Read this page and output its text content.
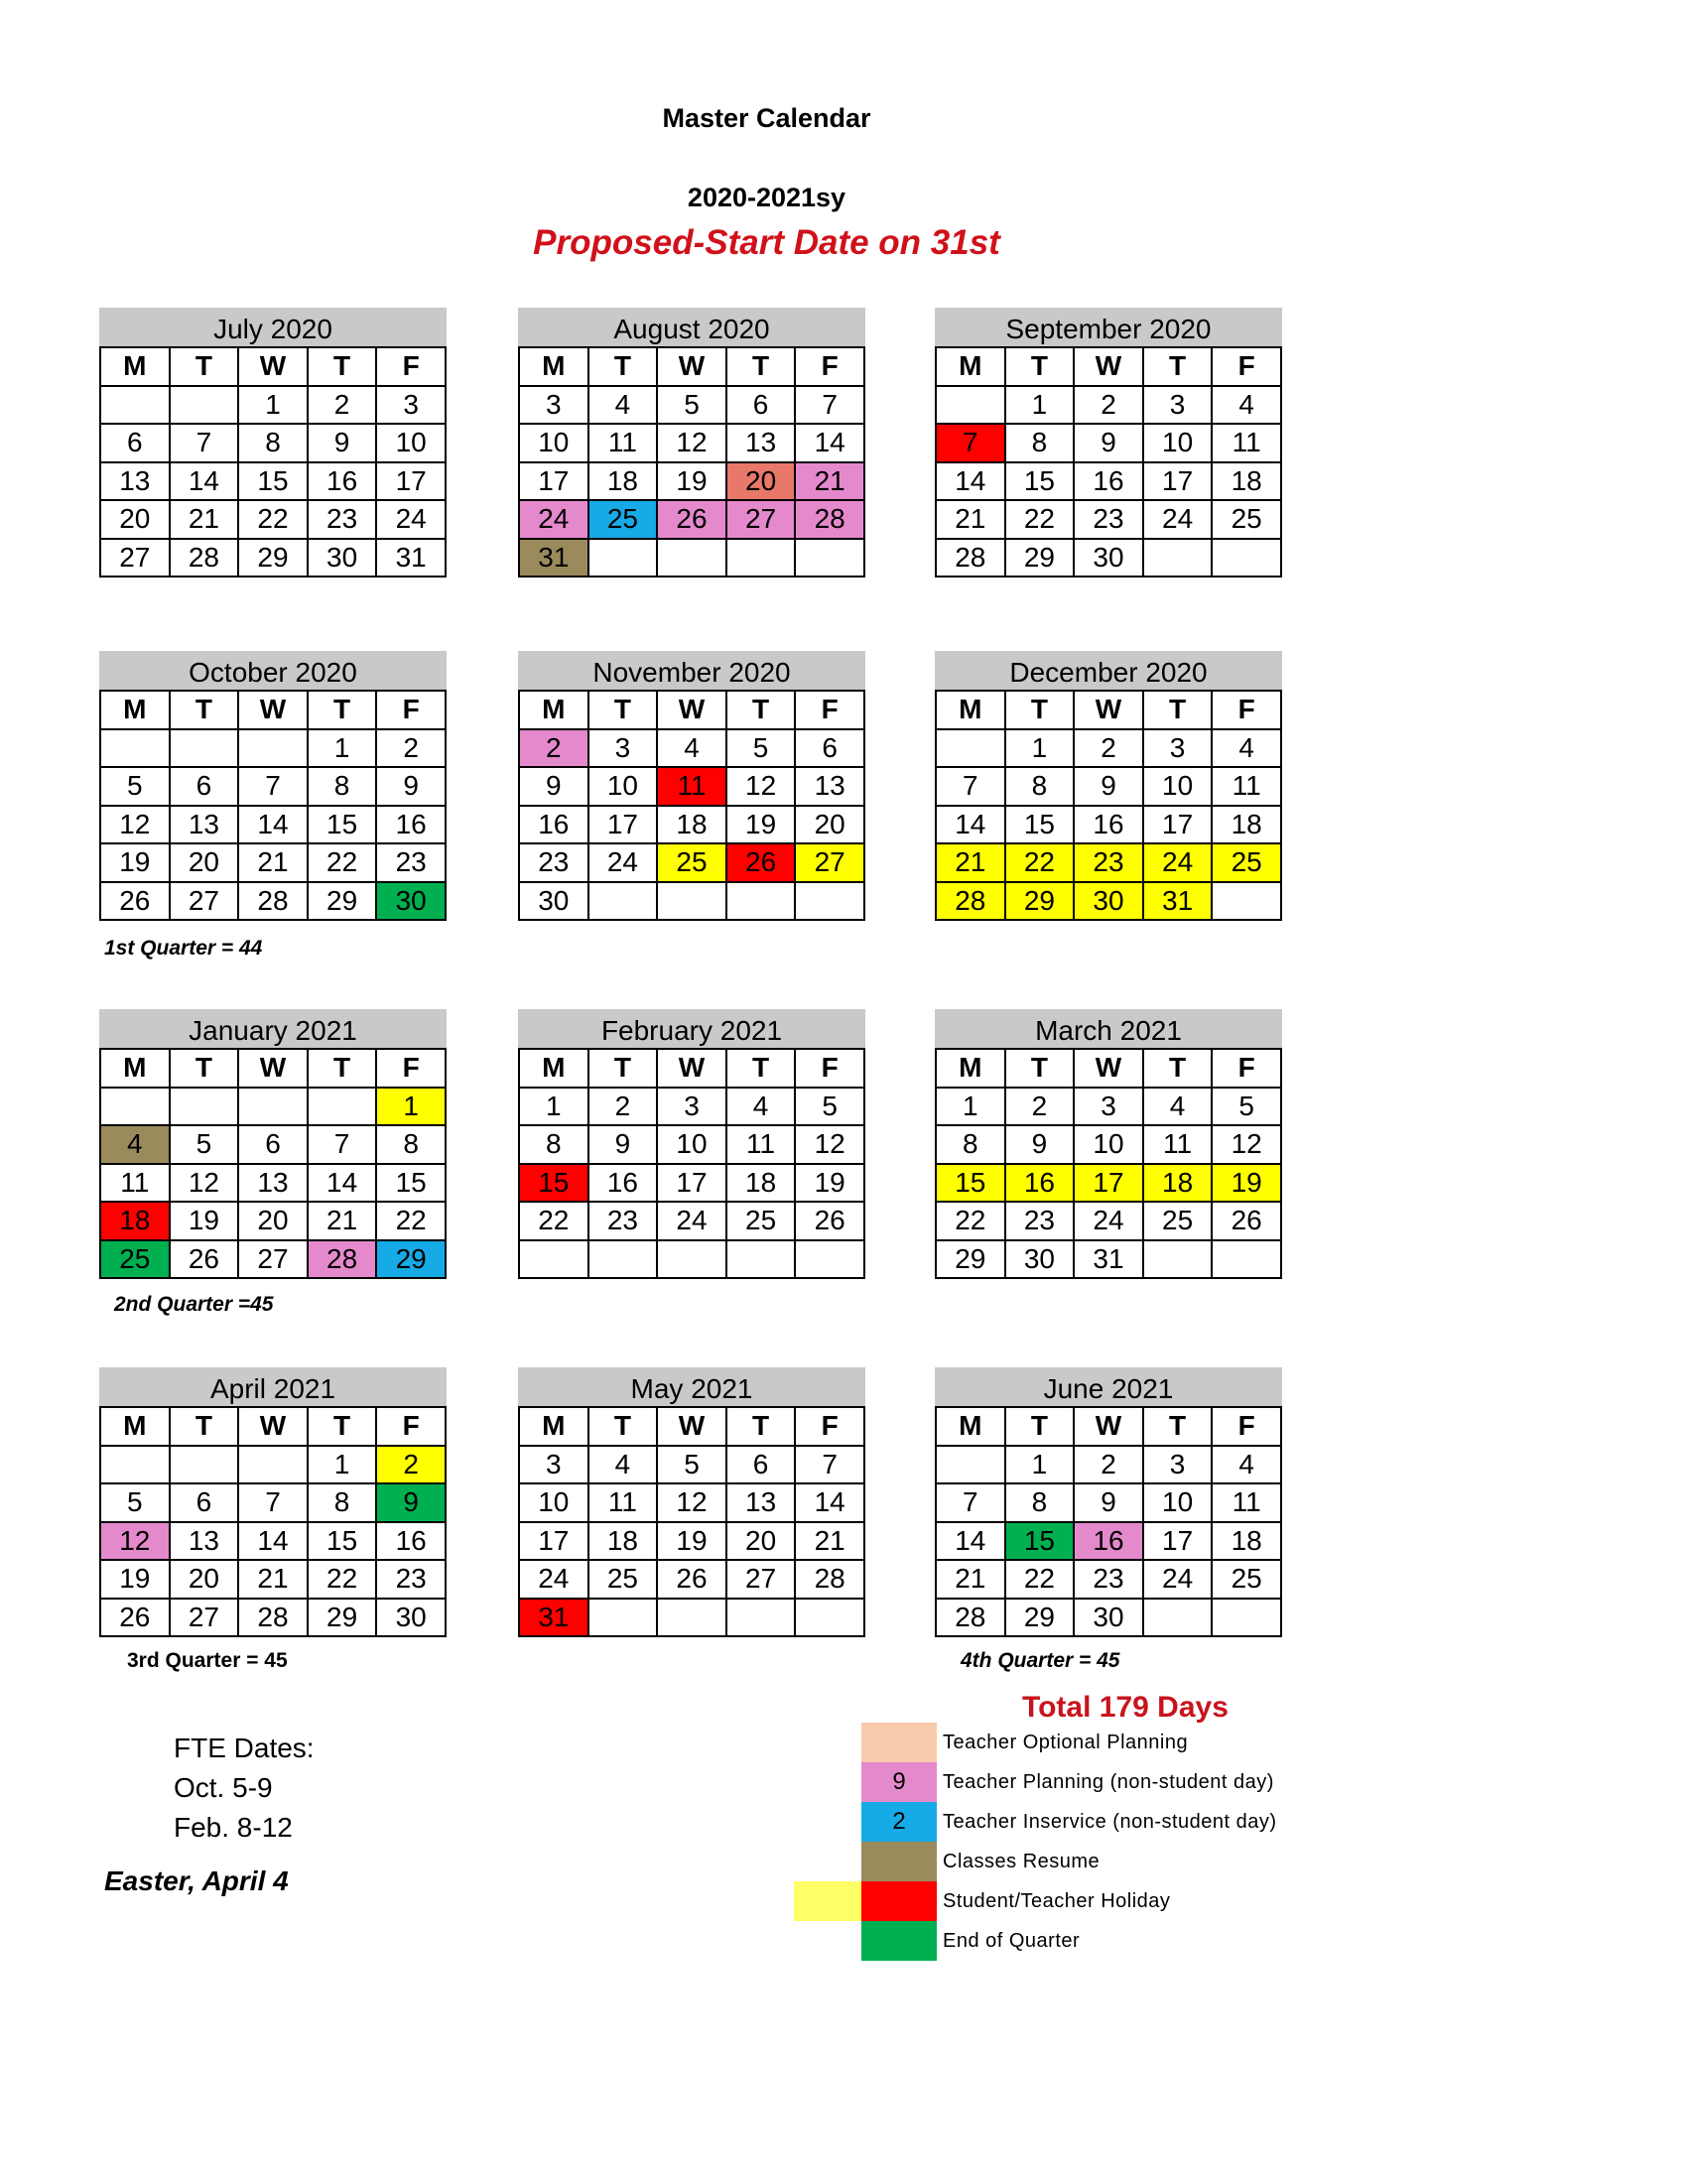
Master Calendar
2020-2021sy
Proposed-Start Date on 31st
July 2020
M	T	W	T	F
		1	2	3
6	7	8	9	10
13	14	15	16	17
20	21	22	23	24
27	28	29	30	31
August 2020
M	T	W	T	F
3	4	5	6	7
10	11	12	13	14
17	18	19	20	21
24	25	26	27	28
31				
September 2020
M	T	W	T	F
	1	2	3	4
7	8	9	10	11
14	15	16	17	18
21	22	23	24	25
28	29	30		
October 2020
M	T	W	T	F
			1	2
5	6	7	8	9
12	13	14	15	16
19	20	21	22	23
26	27	28	29	30
November 2020
M	T	W	T	F
2	3	4	5	6
9	10	11	12	13
16	17	18	19	20
23	24	25	26	27
30				
December 2020
M	T	W	T	F
	1	2	3	4
7	8	9	10	11
14	15	16	17	18
21	22	23	24	25
28	29	30	31	
January 2021
M	T	W	T	F
				1
4	5	6	7	8
11	12	13	14	15
18	19	20	21	22
25	26	27	28	29
February 2021
M	T	W	T	F
1	2	3	4	5
8	9	10	11	12
15	16	17	18	19
22	23	24	25	26

March 2021
M	T	W	T	F
1	2	3	4	5
8	9	10	11	12
15	16	17	18	19
22	23	24	25	26
29	30	31		
April 2021
M	T	W	T	F
			1	2
5	6	7	8	9
12	13	14	15	16
19	20	21	22	23
26	27	28	29	30
May 2021
M	T	W	T	F
3	4	5	6	7
10	11	12	13	14
17	18	19	20	21
24	25	26	27	28
31				
June 2021
M	T	W	T	F
	1	2	3	4
7	8	9	10	11
14	15	16	17	18
21	22	23	24	25
28	29	30		
1st Quarter = 44
2nd Quarter =45
3rd Quarter = 45	4th Quarter = 45
Total 179 Days
FTE Dates:
Oct. 5-9
Feb. 8-12
Easter, April 4
Teacher Optional Planning
9	Teacher Planning (non-student day)
2	Teacher Inservice (non-student day)
Classes Resume
Student/Teacher Holiday
End of Quarter
